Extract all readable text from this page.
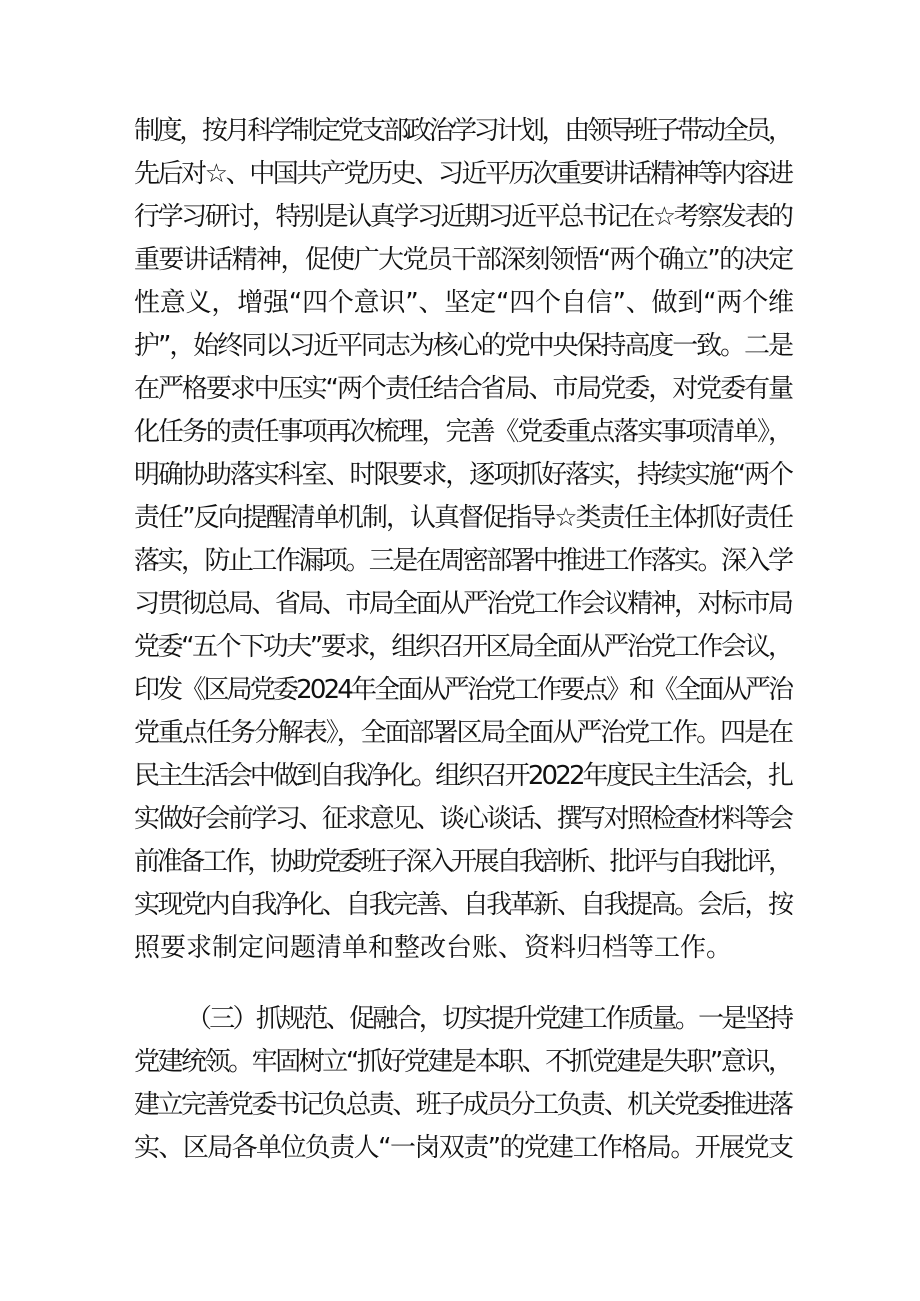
制度，按月科学制定党支部政治学习计划，由领导班子带动全员，
先后对☆、中国共产党历史、习近平历次重要讲话精神等内容进
行学习研讨，特别是认真学习近期习近平总书记在☆考察发表的
重要讲话精神，促使广大党员干部深刻领悟“两个确立”的决定
性意义，增强“四个意识”、坚定“四个自信”、做到“两个维
护”，始终同以习近平同志为核心的党中央保持高度一致。二是
在严格要求中压实“两个责任结合省局、市局党委，对党委有量
化任务的责任事项再次梳理，完善《党委重点落实事项清单》，
明确协助落实科室、时限要求，逐项抓好落实，持续实施“两个
责任”反向提醒清单机制，认真督促指导☆类责任主体抓好责任
落实，防止工作漏项。三是在周密部署中推进工作落实。深入学
习贯彻总局、省局、市局全面从严治党工作会议精神，对标市局
党委“五个下功夫”要求，组织召开区局全面从严治党工作会议，
印发《区局党委2024年全面从严治党工作要点》和《全面从严治
党重点任务分解表》，全面部署区局全面从严治党工作。四是在
民主生活会中做到自我净化。组织召开2022年度民主生活会，扎
实做好会前学习、征求意见、谈心谈话、撰写对照检查材料等会
前准备工作，协助党委班子深入开展自我剖析、批评与自我批评，
实现党内自我净化、自我完善、自我革新、自我提高。会后，按
照要求制定问题清单和整改台账、资料归档等工作。
（三）抓规范、促融合，切实提升党建工作质量。一是坚持
党建统领。牢固树立“抓好党建是本职、不抓党建是失职”意识，
建立完善党委书记负总责、班子成员分工负责、机关党委推进落
实、区局各单位负责人“一岗双责”的党建工作格局。开展党支
